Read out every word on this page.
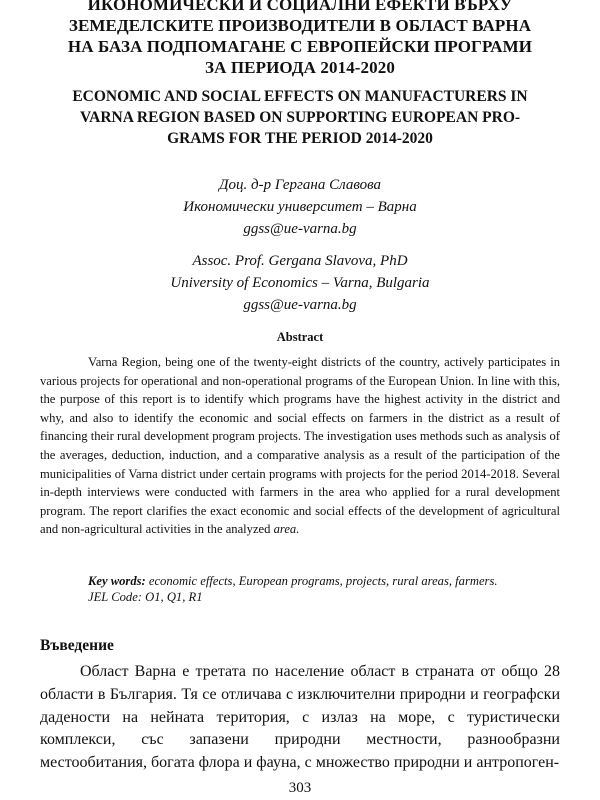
ИКОНОМИЧЕСКИ И СОЦИАЛНИ ЕФЕКТИ ВЪРХУ
ЗЕМЕДЕЛСКИТЕ ПРОИЗВОДИТЕЛИ В ОБЛАСТ ВАРНА
НА БАЗА ПОДПОМАГАНЕ С ЕВРОПЕЙСКИ ПРОГРАМИ
ЗА ПЕРИОДА 2014-2020
ECONOMIC AND SOCIAL EFFECTS ON MANUFACTURERS IN
VARNA REGION BASED ON SUPPORTING EUROPEAN PRO-
GRAMS FOR THE PERIOD 2014-2020
Доц. д-р Гергана Славова
Икономически университет – Варна
ggss@ue-varna.bg
Assoc. Prof. Gergana Slavova, PhD
University of Economics – Varna, Bulgaria
ggss@ue-varna.bg
Abstract
Varna Region, being one of the twenty-eight districts of the country, actively participates in various projects for operational and non-operational programs of the European Union. In line with this, the purpose of this report is to identify which programs have the highest activity in the district and why, and also to identify the economic and social effects on farmers in the district as a result of financing their rural development program projects. The investigation uses methods such as analysis of the averages, deduction, induction, and a comparative analysis as a result of the participation of the municipalities of Varna district under certain programs with projects for the period 2014-2018. Several in-depth interviews were conducted with farmers in the area who applied for a rural development program. The report clarifies the exact economic and social effects of the development of agricultural and non-agricultural activities in the analyzed area.
Key words: economic effects, European programs, projects, rural areas, farmers.
JEL Code: O1, Q1, R1
Въведение
Област Варна е третата по население област в страната от общо 28 области в България. Тя се отличава с изключителни природни и географски дадености на нейната територия, с излаз на море, с туристически комплекси, със запазени природни местности, разнообразни местообитания, богата флора и фауна, с множество природни и антропоген-
303
